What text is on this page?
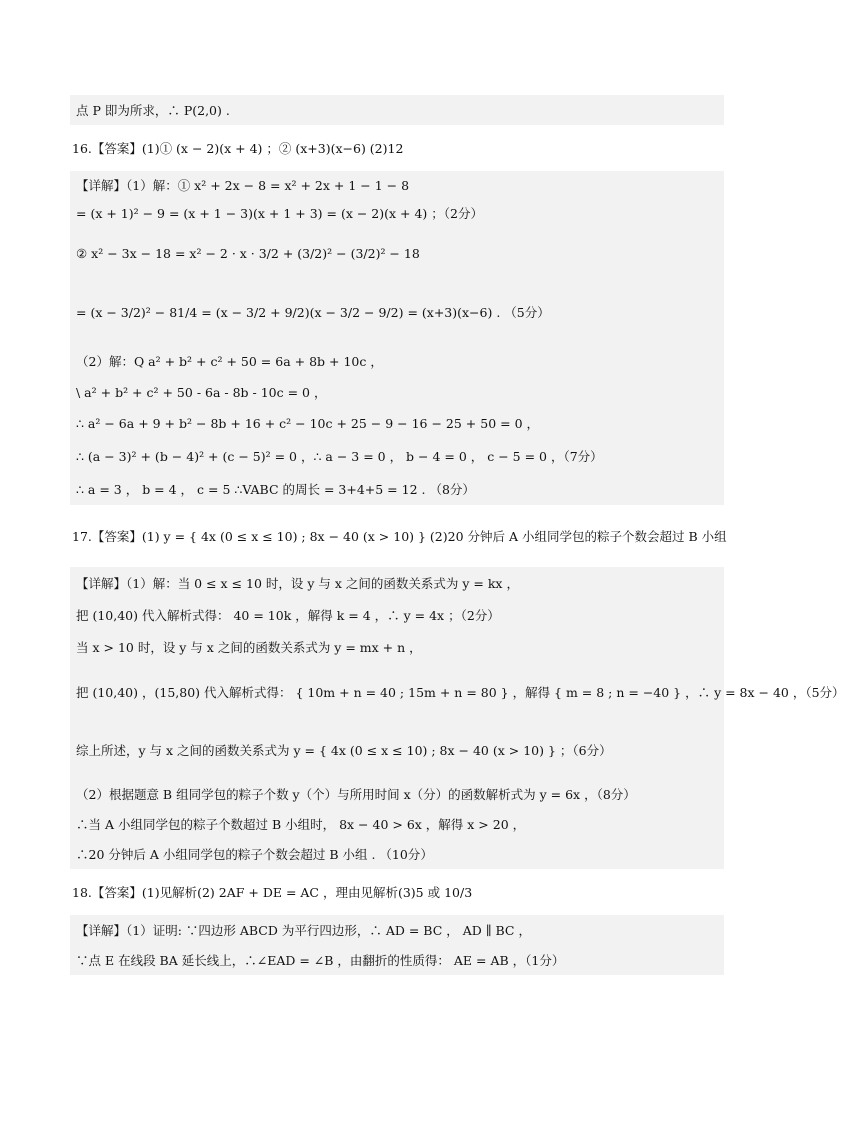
点 P 即为所求，∴ P(2,0) .
16.【答案】(1)① (x − 2)(x + 4) ；② (x+3)(x−6) (2)12
【详解】（1）解：① x² + 2x − 8 = x² + 2x + 1 − 1 − 8
= (x + 1)² − 9 = (x + 1 − 3)(x + 1 + 3) = (x − 2)(x + 4) ；（2分）
② x² − 3x − 18 = x² − 2 · x · 3/2 + (3/2)² − (3/2)² − 18
= (x − 3/2)² − 81/4 = (x − 3/2 + 9/2)(x − 3/2 − 9/2) = (x+3)(x−6) . （5分）
（2）解：Q a² + b² + c² + 50 = 6a + 8b + 10c ，
\ a² + b² + c² + 50 - 6a - 8b - 10c = 0 ，
∴ a² − 6a + 9 + b² − 8b + 16 + c² − 10c + 25 − 9 − 16 − 25 + 50 = 0 ，
∴ (a − 3)² + (b − 4)² + (c − 5)² = 0 ，∴ a − 3 = 0 ， b − 4 = 0 ， c − 5 = 0 ，（7分）
∴ a = 3 ， b = 4 ， c = 5 ∴VABC 的周长 = 3+4+5 = 12 . （8分）
17.【答案】(1) y = { 4x (0 ≤ x ≤ 10) ; 8x − 40 (x > 10) } (2)20 分钟后 A 小组同学包的粽子个数会超过 B 小组
【详解】（1）解：当 0 ≤ x ≤ 10 时，设 y 与 x 之间的函数关系式为 y = kx ，
把 (10,40) 代入解析式得： 40 = 10k ，解得 k = 4 ，∴ y = 4x ；（2分）
当 x > 10 时，设 y 与 x 之间的函数关系式为 y = mx + n ，
把 (10,40) ，(15,80) 代入解析式得： { 10m + n = 40 ; 15m + n = 80 } ，解得 { m = 8 ; n = −40 } ，∴ y = 8x − 40 ，（5分）
综上所述，y 与 x 之间的函数关系式为 y = { 4x (0 ≤ x ≤ 10) ; 8x − 40 (x > 10) } ；（6分）
（2）根据题意 B 组同学包的粽子个数 y（个）与所用时间 x（分）的函数解析式为 y = 6x ，（8分）
∴当 A 小组同学包的粽子个数超过 B 小组时， 8x − 40 > 6x ，解得 x > 20 ，
∴20 分钟后 A 小组同学包的粽子个数会超过 B 小组 . （10分）
18.【答案】(1)见解析(2) 2AF + DE = AC ，理由见解析(3)5 或 10/3
【详解】（1）证明: ∵四边形 ABCD 为平行四边形，∴ AD = BC ， AD ∥ BC ，
∵点 E 在线段 BA 延长线上，∴∠EAD = ∠B ，由翻折的性质得： AE = AB ，（1分）
